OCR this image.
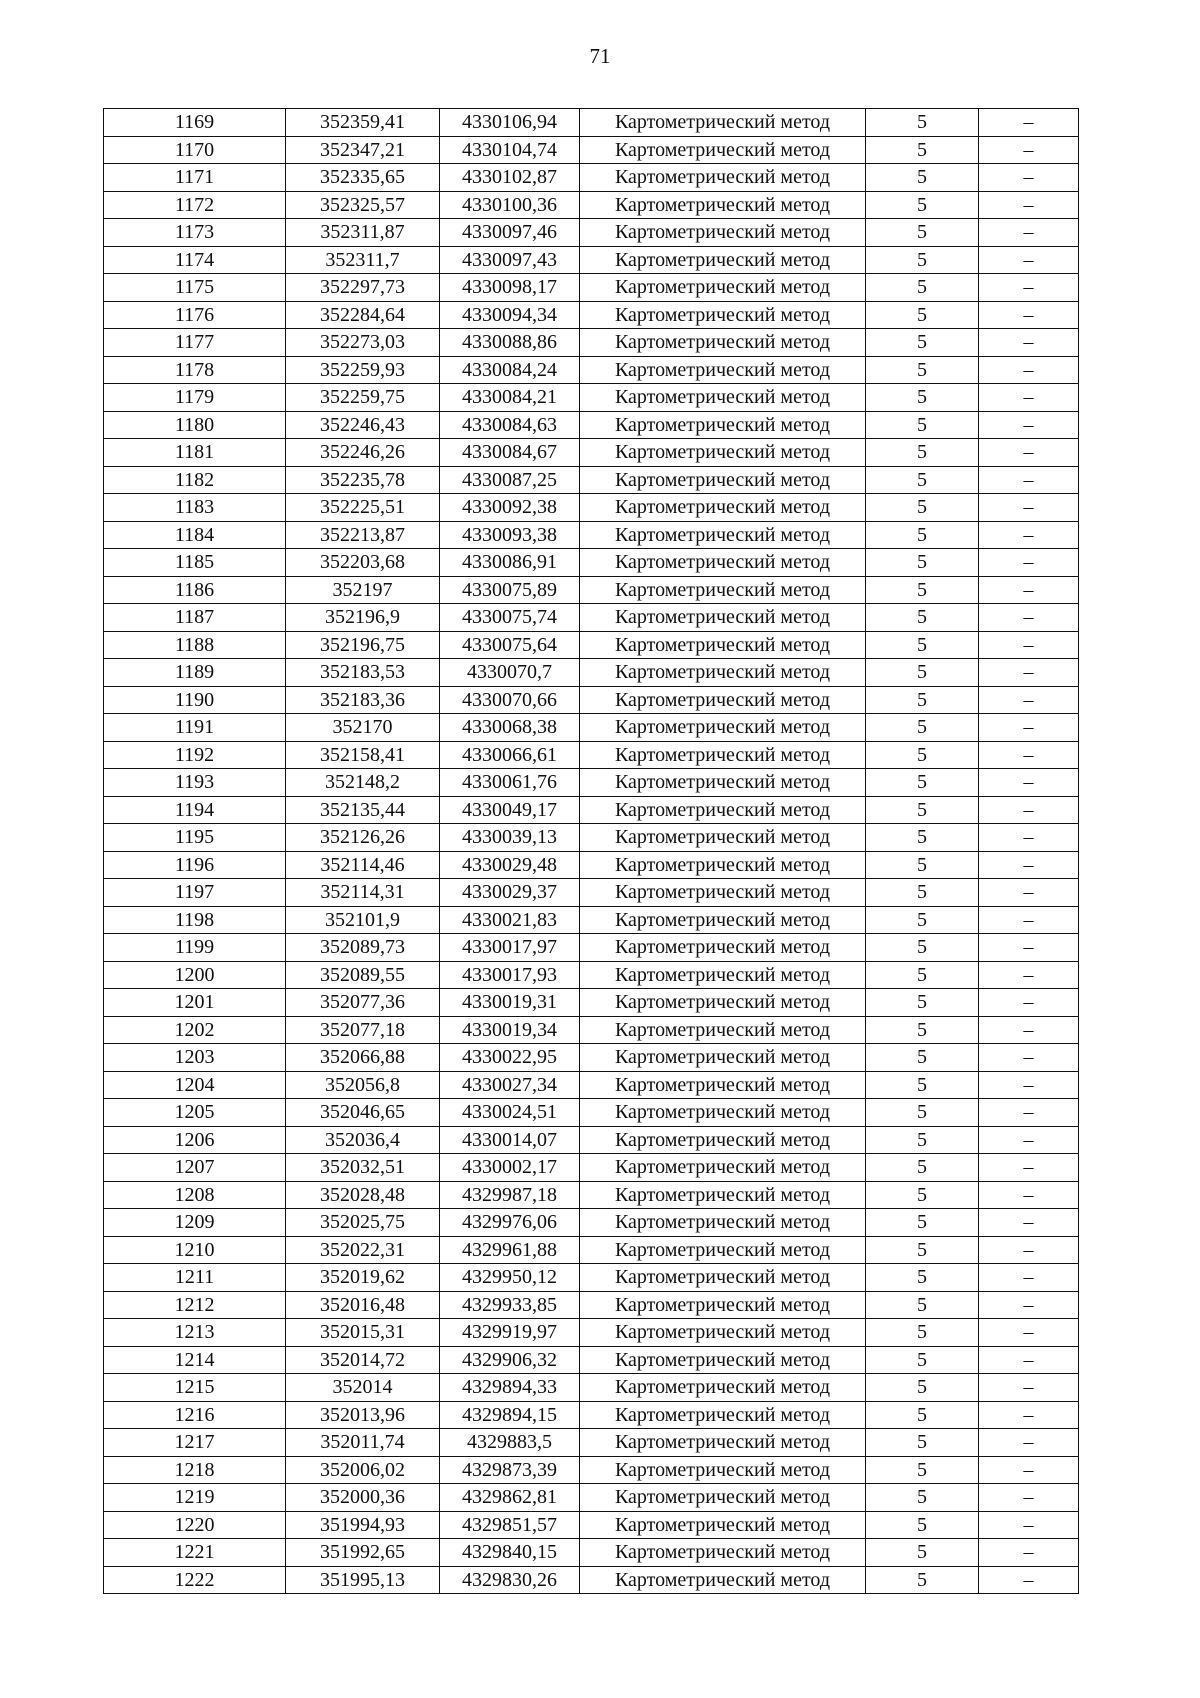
71
1169	352359,41	4330106,94	Картометрический метод	5	–
1170	352347,21	4330104,74	Картометрический метод	5	–
1171	352335,65	4330102,87	Картометрический метод	5	–
1172	352325,57	4330100,36	Картометрический метод	5	–
1173	352311,87	4330097,46	Картометрический метод	5	–
1174	352311,7	4330097,43	Картометрический метод	5	–
1175	352297,73	4330098,17	Картометрический метод	5	–
1176	352284,64	4330094,34	Картометрический метод	5	–
1177	352273,03	4330088,86	Картометрический метод	5	–
1178	352259,93	4330084,24	Картометрический метод	5	–
1179	352259,75	4330084,21	Картометрический метод	5	–
1180	352246,43	4330084,63	Картометрический метод	5	–
1181	352246,26	4330084,67	Картометрический метод	5	–
1182	352235,78	4330087,25	Картометрический метод	5	–
1183	352225,51	4330092,38	Картометрический метод	5	–
1184	352213,87	4330093,38	Картометрический метод	5	–
1185	352203,68	4330086,91	Картометрический метод	5	–
1186	352197	4330075,89	Картометрический метод	5	–
1187	352196,9	4330075,74	Картометрический метод	5	–
1188	352196,75	4330075,64	Картометрический метод	5	–
1189	352183,53	4330070,7	Картометрический метод	5	–
1190	352183,36	4330070,66	Картометрический метод	5	–
1191	352170	4330068,38	Картометрический метод	5	–
1192	352158,41	4330066,61	Картометрический метод	5	–
1193	352148,2	4330061,76	Картометрический метод	5	–
1194	352135,44	4330049,17	Картометрический метод	5	–
1195	352126,26	4330039,13	Картометрический метод	5	–
1196	352114,46	4330029,48	Картометрический метод	5	–
1197	352114,31	4330029,37	Картометрический метод	5	–
1198	352101,9	4330021,83	Картометрический метод	5	–
1199	352089,73	4330017,97	Картометрический метод	5	–
1200	352089,55	4330017,93	Картометрический метод	5	–
1201	352077,36	4330019,31	Картометрический метод	5	–
1202	352077,18	4330019,34	Картометрический метод	5	–
1203	352066,88	4330022,95	Картометрический метод	5	–
1204	352056,8	4330027,34	Картометрический метод	5	–
1205	352046,65	4330024,51	Картометрический метод	5	–
1206	352036,4	4330014,07	Картометрический метод	5	–
1207	352032,51	4330002,17	Картометрический метод	5	–
1208	352028,48	4329987,18	Картометрический метод	5	–
1209	352025,75	4329976,06	Картометрический метод	5	–
1210	352022,31	4329961,88	Картометрический метод	5	–
1211	352019,62	4329950,12	Картометрический метод	5	–
1212	352016,48	4329933,85	Картометрический метод	5	–
1213	352015,31	4329919,97	Картометрический метод	5	–
1214	352014,72	4329906,32	Картометрический метод	5	–
1215	352014	4329894,33	Картометрический метод	5	–
1216	352013,96	4329894,15	Картометрический метод	5	–
1217	352011,74	4329883,5	Картометрический метод	5	–
1218	352006,02	4329873,39	Картометрический метод	5	–
1219	352000,36	4329862,81	Картометрический метод	5	–
1220	351994,93	4329851,57	Картометрический метод	5	–
1221	351992,65	4329840,15	Картометрический метод	5	–
1222	351995,13	4329830,26	Картометрический метод	5	–
